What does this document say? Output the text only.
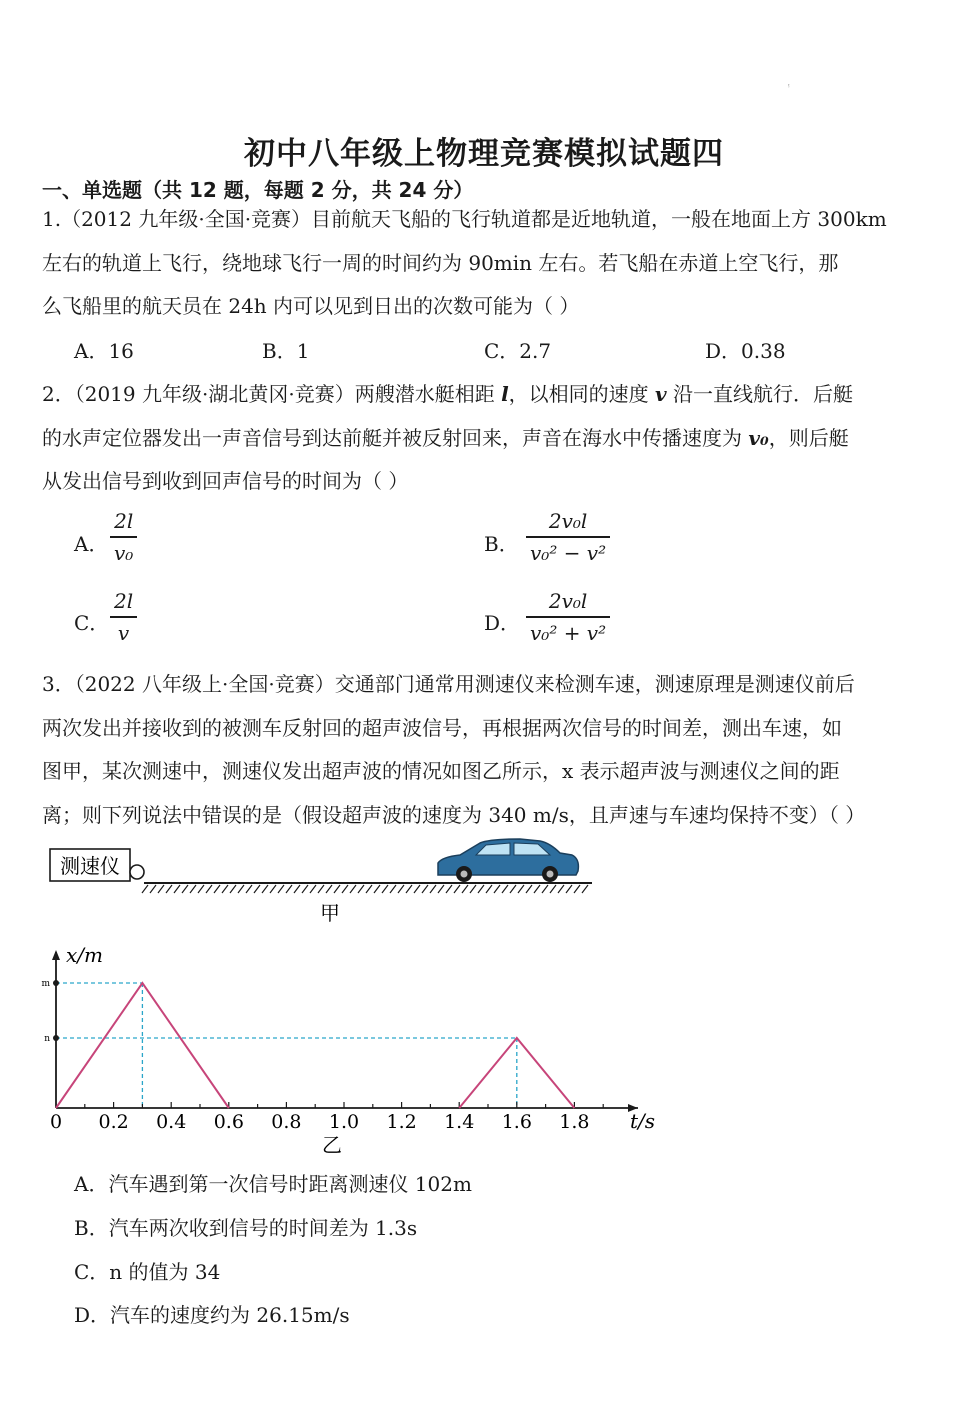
ᵎ
初中八年级上物理竞赛模拟试题四
一、单选题（共 12 题，每题 2 分，共 24 分）
1.（2012 九年级·全国·竞赛）目前航天飞船的飞行轨道都是近地轨道，一般在地面上方 300km
左右的轨道上飞行，绕地球飞行一周的时间约为 90min 左右。若飞船在赤道上空飞行，那
么飞船里的航天员在 24h 内可以见到日出的次数可能为（ ）
A．16	B．1	C．2.7	D．0.38
2．（2019 九年级·湖北黄冈·竞赛）两艘潜水艇相距 l，以相同的速度 v 沿一直线航行．后艇
的水声定位器发出一声音信号到达前艇并被反射回来，声音在海水中传播速度为 v₀，则后艇
从发出信号到收到回声信号的时间为（ ）
A．
2l
v₀	B．
2v₀l
v₀² − v²
C．
2l
v	D．
2v₀l
v₀² + v²
3．（2022 八年级上·全国·竞赛）交通部门通常用测速仪来检测车速，测速原理是测速仪前后
两次发出并接收到的被测车反射回的超声波信号，再根据两次信号的时间差，测出车速，如
图甲，某次测速中，测速仪发出超声波的情况如图乙所示，x 表示超声波与测速仪之间的距
离；则下列说法中错误的是（假设超声波的速度为 340 m/s，且声速与车速均保持不变）（ ）
测速仪
甲
0 0.2 0.4 0.6 0.8 1.0 1.2 1.4 1.6 1.8
n
m
x/m
t/s
乙
A．汽车遇到第一次信号时距离测速仪 102m
B．汽车两次收到信号的时间差为 1.3s
C．n 的值为 34
D．汽车的速度约为 26.15m/s
